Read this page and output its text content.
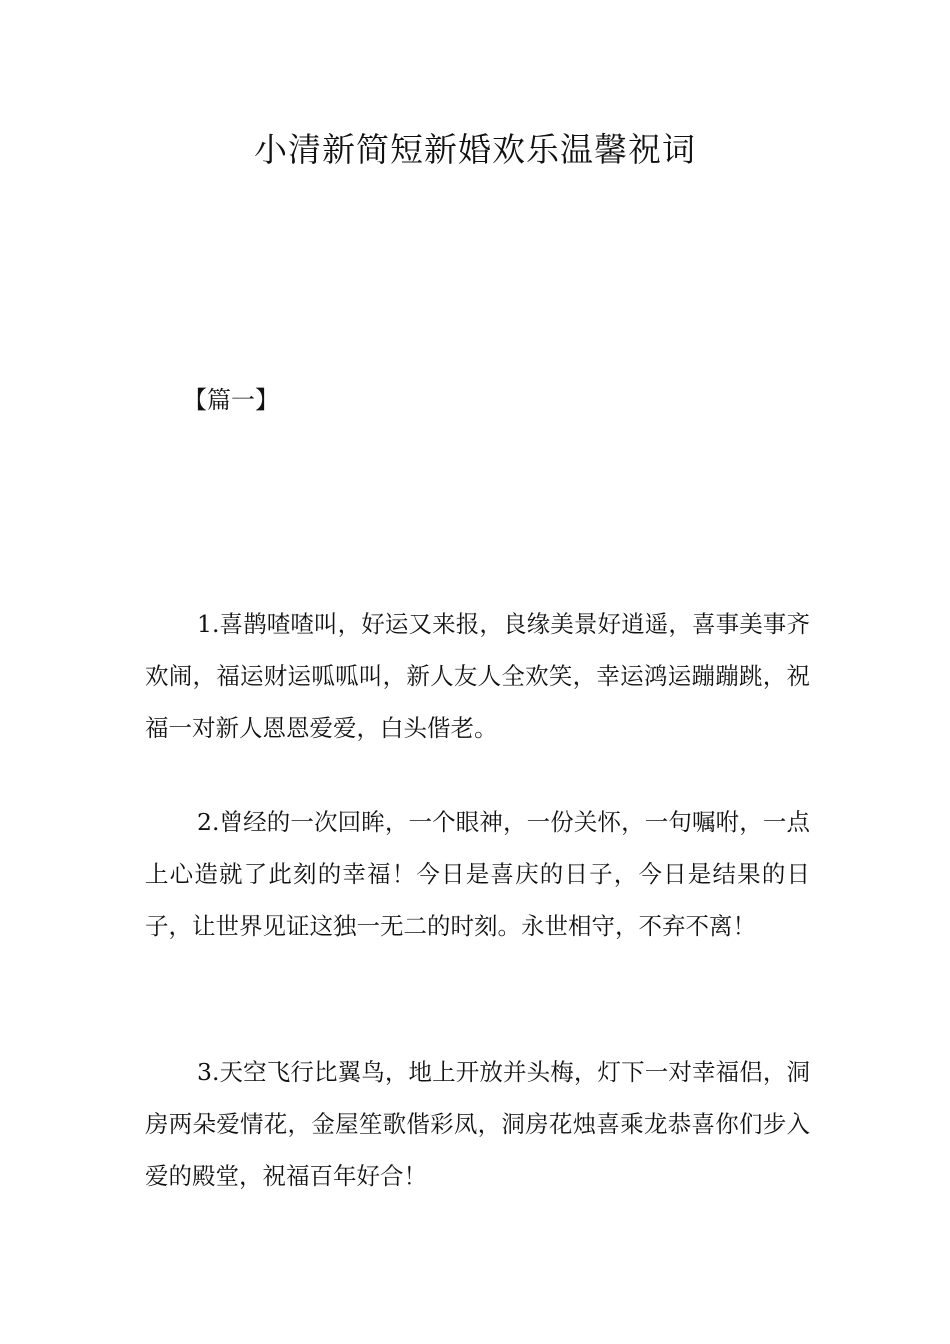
小清新简短新婚欢乐温馨祝词
【篇一】

1.喜鹊喳喳叫，好运又来报，良缘美景好逍遥，喜事美事齐欢闹，福运财运呱呱叫，新人友人全欢笑，幸运鸿运蹦蹦跳，祝福一对新人恩恩爱爱，白头偕老。

2.曾经的一次回眸，一个眼神，一份关怀，一句嘱咐，一点上心造就了此刻的幸福！今日是喜庆的日子，今日是结果的日子，让世界见证这独一无二的时刻。永世相守，不弃不离！

3.天空飞行比翼鸟，地上开放并头梅，灯下一对幸福侣，洞房两朵爱情花，金屋笙歌偕彩凤，洞房花烛喜乘龙恭喜你们步入爱的殿堂，祝福百年好合！
